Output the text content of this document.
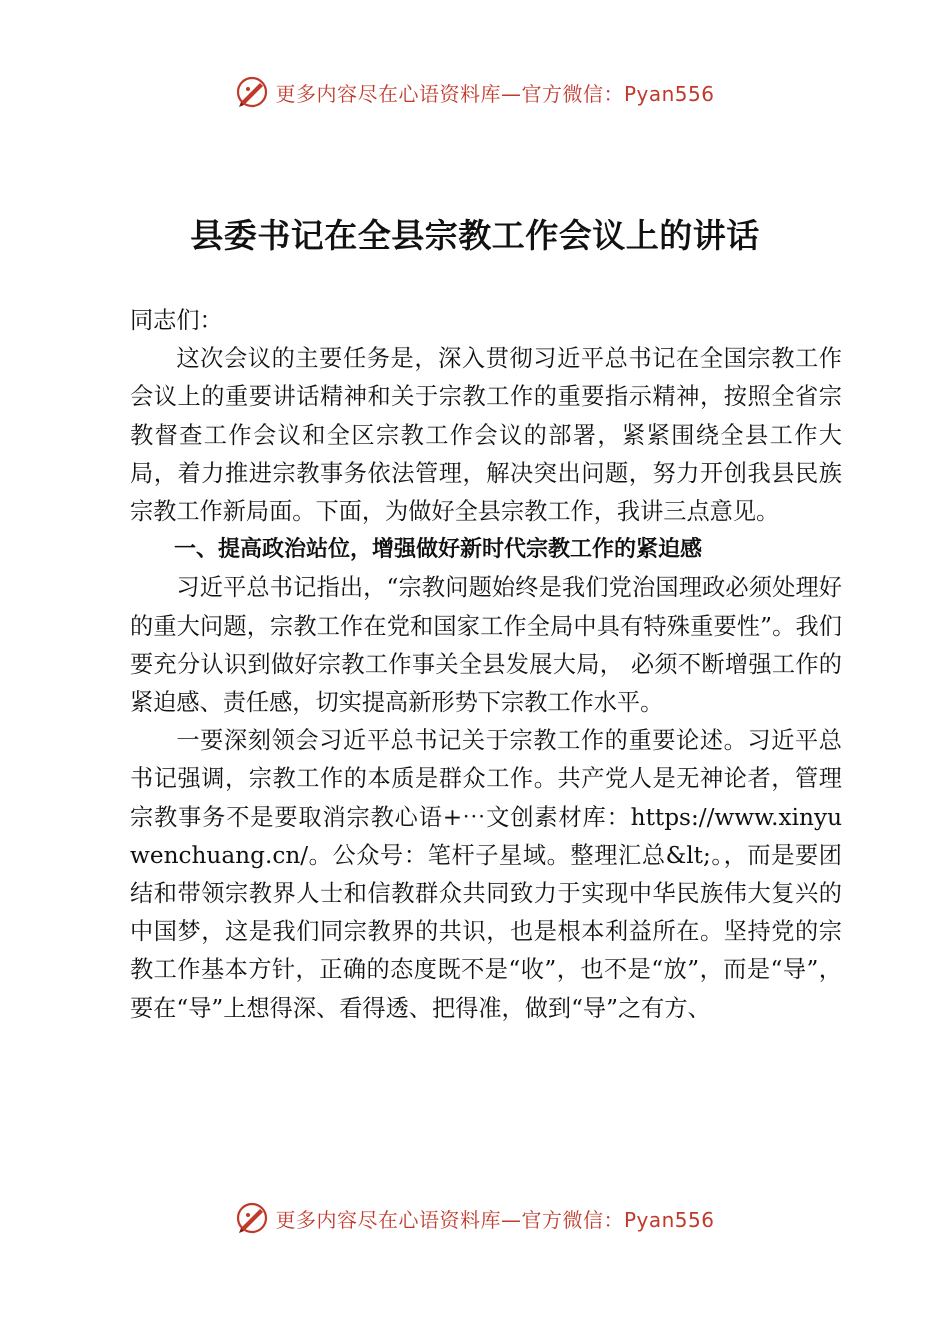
更多内容尽在心语资料库—官方微信：Pyan556
县委书记在全县宗教工作会议上的讲话

同志们：

这次会议的主要任务是，深入贯彻习近平总书记在全国宗教工作会议上的重要讲话精神和关于宗教工作的重要指示精神，按照全省宗教督查工作会议和全区宗教工作会议的部署，紧紧围绕全县工作大局，着力推进宗教事务依法管理，解决突出问题，努力开创我县民族宗教工作新局面。下面，为做好全县宗教工作，我讲三点意见。

一、提高政治站位，增强做好新时代宗教工作的紧迫感

习近平总书记指出，“宗教问题始终是我们党治国理政必须处理好的重大问题，宗教工作在党和国家工作全局中具有特殊重要性”。我们要充分认识到做好宗教工作事关全县发展大局， 必须不断增强工作的紧迫感、责任感，切实提高新形势下宗教工作水平。

一要深刻领会习近平总书记关于宗教工作的重要论述。习近平总书记强调，宗教工作的本质是群众工作。共产党人是无神论者，管理宗教事务不是要取消宗教心语+⋯文创素材库：https://www.xinyuwenchuang.cn/。公众号：笔杆子星域。整理汇总&lt;。，而是要团结和带领宗教界人士和信教群众共同致力于实现中华民族伟大复兴的中国梦，这是我们同宗教界的共识，也是根本利益所在。坚持党的宗教工作基本方针，正确的态度既不是“收”，也不是“放”，而是“导”，要在“导”上想得深、看得透、把得准，做到“导”之有方、

更多内容尽在心语资料库—官方微信：Pyan556
